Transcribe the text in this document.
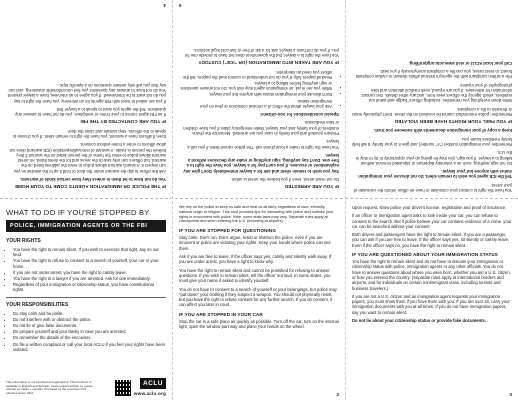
IF THE POLICE OR IMMIGRATION AGENTS COME TO YOUR HOME

You do not have to let them in unless they have certain kinds of warrants.

Ask the officer to slip the warrant under the door or hold it up to the window so you can inspect it. A search warrant allows police to enter the address listed on the warrant, but officers can only search the areas and for the items listed. An arrest warrant allows police to enter the home of the person listed on the warrant if they believe the person is inside. A warrant of removal/deportation (ICE warrant) does not allow officers to enter a home without consent.

Even if officers have a warrant, you have the right to remain silent. If you choose to speak to the officers, step outside and close the door.

IF YOU ARE CONTACTED BY THE FBI

If an FBI agent comes to your home or workplace, you do not have to answer any questions. Tell the agent you want to speak to a lawyer first.

If you are asked to meet with FBI agents for an interview, you have the right to say you do not want to be interviewed. If you agree to an interview, have a lawyer present. You do not have to answer any questions you feel uncomfortable answering, and can say that you will only answer questions on a specific topic.

4
IF YOU ARE ARRESTED

Do not resist arrest, even if you believe the arrest is unfair.

Say you wish to remain silent and ask for a lawyer immediately. Don't give any explanations or excuses. If you can't pay for a lawyer, you have the right to a free one. Don't say anything, sign anything or make any decisions without a lawyer.

You have the right to make a local phone call. The police cannot listen if you call a lawyer.

Prepare yourself and your family in case you are arrested. Memorize the phone numbers of your family and your lawyer. Make emergency plans if you have children or take medication.

Special considerations for non-citizens:

• Ask your lawyer about the effect of a criminal conviction or plea on your immigration status.
• Don't discuss your immigration status with anyone but your lawyer.
• While you are in jail, an immigration agent may visit you. Do not answer questions or sign anything before talking to a lawyer.
• Read all papers fully. If you do not understand or cannot read the papers, tell the officer you need an interpreter.
IF YOU ARE TAKEN INTO IMMIGRATION (OR "ICE") CUSTODY

You have the right to a lawyer, but the government does not have to provide one for you. If you do not have a lawyer, ask for a list of free or low-cost legal services.

5

You have the right to contact your consulate or have an officer inform the consulate of your arrest.

Tell the ICE agent you wish to remain silent. Do not discuss your immigration status with anyone but your lawyer.

Do not sign anything, such as a voluntary departure or stipulated removal, without talking to a lawyer. If you sign, you may be giving up your opportunity to try to stay in the U.S.

Remember your immigration number ("A" number) and give it to your family. It will help family members locate you.

Keep a copy of your immigration documents with someone you trust.

IF YOU FEEL YOUR RIGHTS HAVE BEEN VIOLATED

Remember: police misconduct cannot be resolved on the street. Don't physically resist or threaten to file a complaint.

Write down everything you remember, including officers' badge and patrol car numbers, which agency the officers were from, and any other details. Get contact information for witnesses. If you are injured, seek medical attention and take photographs of your injuries.

File a written complaint with the agency's internal affairs division or civilian complaint board. In most cases, you can file a complaint anonymously if you wish.

Call your local ACLU or visit www.aclu.org/profiling.

WHAT TO DO IF YOU'RE STOPPED BY
POLICE, IMMIGRATION AGENTS OR THE FBI
YOUR RIGHTS
• You have the right to remain silent. If you wish to exercise that right, say so out loud.
• You have the right to refuse to consent to a search of yourself, your car or your home.
• If you are not under arrest, you have the right to calmly leave.
• You have the right to a lawyer if you are arrested. Ask for one immediately.
• Regardless of your immigration or citizenship status, you have constitutional rights.
YOUR RESPONSIBILITIES
• Do stay calm and be polite.
• Do not interfere with or obstruct the police.
• Do not lie or give false documents.
• Do prepare yourself and your family in case you are arrested.
• Do remember the details of the encounter.
• Do file a written complaint or call your local ACLU if you feel your rights have been violated.
This information is not intended as legal advice. This brochure is available in English and Spanish. / Esta tarjeta también se puede obtener en inglés y español. Produced by the American Civil Liberties Union 2011
ACLU
www.aclu.org

We rely on the police to keep us safe and treat us all fairly, regardless of race, ethnicity, national origin or religion. This card provides tips for interacting with police and outlines your rights in encounters with police. Note: some state laws may vary. Separate rules apply at checkpoints and when entering the U.S. (including at airports).

IF YOU ARE STOPPED FOR QUESTIONING

Stay calm. Don't run. Don't argue, resist or obstruct the police, even if you are innocent or police are violating your rights. Keep your hands where police can see them.

Ask if you are free to leave. If the officer says yes, calmly and silently walk away. If you are under arrest, you have a right to know why.

You have the right to remain silent and cannot be punished for refusing to answer questions. If you wish to remain silent, tell the officer out loud. In some states, you must give your name if asked to identify yourself.

You do not have to consent to a search of yourself or your belongings, but police may "pat down" your clothing if they suspect a weapon. You should not physically resist, but you have the right to refuse consent for any further search. If you do consent, it can affect you later in court.

IF YOU ARE STOPPED IN YOUR CAR

Stop the car in a safe place as quickly as possible. Turn off the car, turn on the internal light, open the window part way and place your hands on the wheel.

2

Upon request, show police your driver's license, registration and proof of insurance.

If an officer or immigration agent asks to look inside your car, you can refuse to consent to the search. But if police believe your car contains evidence of a crime, your car can be searched without your consent.

Both drivers and passengers have the right to remain silent. If you are a passenger, you can ask if you are free to leave. If the officer says yes, sit silently or calmly leave. Even if the officer says no, you have the right to remain silent.

IF YOU ARE QUESTIONED ABOUT YOUR IMMIGRATION STATUS

You have the right to remain silent and do not have to discuss your immigration or citizenship status with police, immigration agents or any other officials. You do not have to answer questions about where you were born, whether you are a U.S. citizen, or how you entered the country. (Separate rules apply at international borders and airports, and for individuals on certain nonimmigrant visas, including tourists and business travelers.)

If you are not a U.S. citizen and an immigration agent requests your immigration papers, you must show them if you have them with you. If you are over 18, carry your immigration documents with you at all times. If you do not have immigration papers, say you want to remain silent.

Do not lie about your citizenship status or provide fake documents.

3
